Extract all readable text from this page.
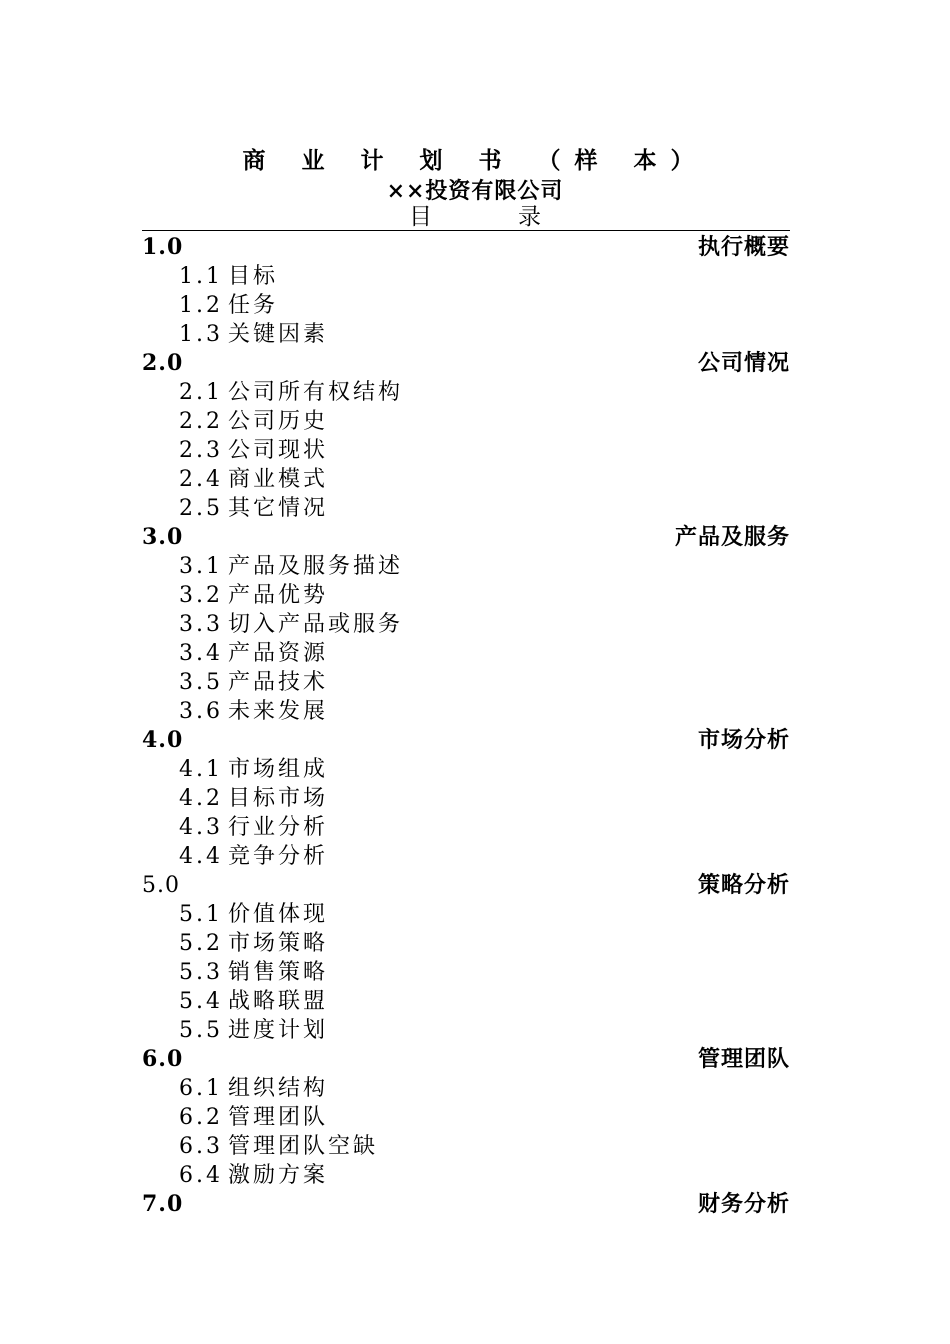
商 业 计 划 书 （样 本）
××投资有限公司
目录
1.0	执行概要
1.1 目标
1.2 任务
1.3 关键因素
2.0	公司情况
2.1 公司所有权结构
2.2 公司历史
2.3 公司现状
2.4 商业模式
2.5 其它情况
3.0	产品及服务
3.1 产品及服务描述
3.2 产品优势
3.3 切入产品或服务
3.4 产品资源
3.5 产品技术
3.6 未来发展
4.0	市场分析
4.1 市场组成
4.2 目标市场
4.3 行业分析
4.4 竞争分析
5.0	策略分析
5.1 价值体现
5.2 市场策略
5.3 销售策略
5.4 战略联盟
5.5 进度计划
6.0	管理团队
6.1 组织结构
6.2 管理团队
6.3 管理团队空缺
6.4 激励方案
7.0	财务分析
